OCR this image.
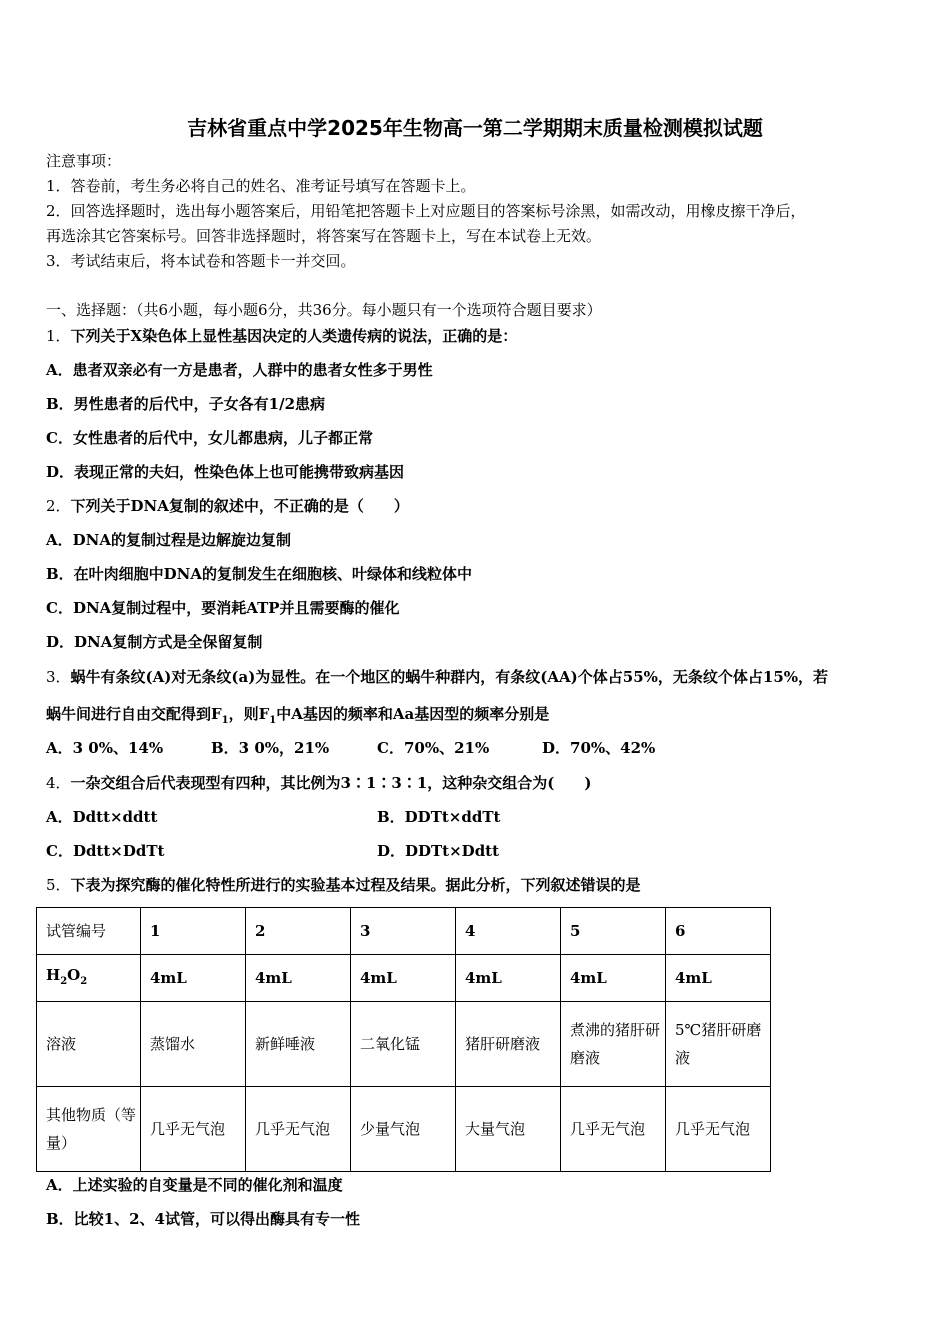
吉林省重点中学2025年生物高一第二学期期末质量检测模拟试题
注意事项：
1．答卷前，考生务必将自己的姓名、准考证号填写在答题卡上。
2．回答选择题时，选出每小题答案后，用铅笔把答题卡上对应题目的答案标号涂黑，如需改动，用橡皮擦干净后，
再选涂其它答案标号。回答非选择题时，将答案写在答题卡上，写在本试卷上无效。
3．考试结束后，将本试卷和答题卡一并交回。
一、选择题：（共6小题，每小题6分，共36分。每小题只有一个选项符合题目要求）
1．下列关于X染色体上显性基因决定的人类遗传病的说法，正确的是：
A．患者双亲必有一方是患者，人群中的患者女性多于男性
B．男性患者的后代中，子女各有1/2患病
C．女性患者的后代中，女儿都患病，儿子都正常
D．表现正常的夫妇，性染色体上也可能携带致病基因
2．下列关于DNA复制的叙述中，不正确的是（　　）
A．DNA的复制过程是边解旋边复制
B．在叶肉细胞中DNA的复制发生在细胞核、叶绿体和线粒体中
C．DNA复制过程中，要消耗ATP并且需要酶的催化
D．DNA复制方式是全保留复制
3．蜗牛有条纹(A)对无条纹(a)为显性。在一个地区的蜗牛种群内，有条纹(AA)个体占55%，无条纹个体占15%，若
蜗牛间进行自由交配得到$F_1$，则$F_1$中A基因的频率和Aa基因型的频率分别是
A．3 0%、14%	B．3 0%，21%	C．70%、21%	D．70%、42%
4．一杂交组合后代表现型有四种，其比例为3∶1∶3∶1，这种杂交组合为(　　)
A．Ddtt×ddtt	B．DDTt×ddTt
C．Ddtt×DdTt	D．DDTt×Ddtt
5．下表为探究酶的催化特性所进行的实验基本过程及结果。据此分析，下列叙述错误的是
试管编号	1	2	3	4	5	6
$H_2O_2$	4mL	4mL	4mL	4mL	4mL	4mL
溶液	蒸馏水	新鲜唾液	二氧化锰	猪肝研磨液	煮沸的猪肝研磨液	5℃猪肝研磨液
其他物质（等量）	几乎无气泡	几乎无气泡	少量气泡	大量气泡	几乎无气泡	几乎无气泡
A．上述实验的自变量是不同的催化剂和温度
B．比较1、2、4试管，可以得出酶具有专一性
